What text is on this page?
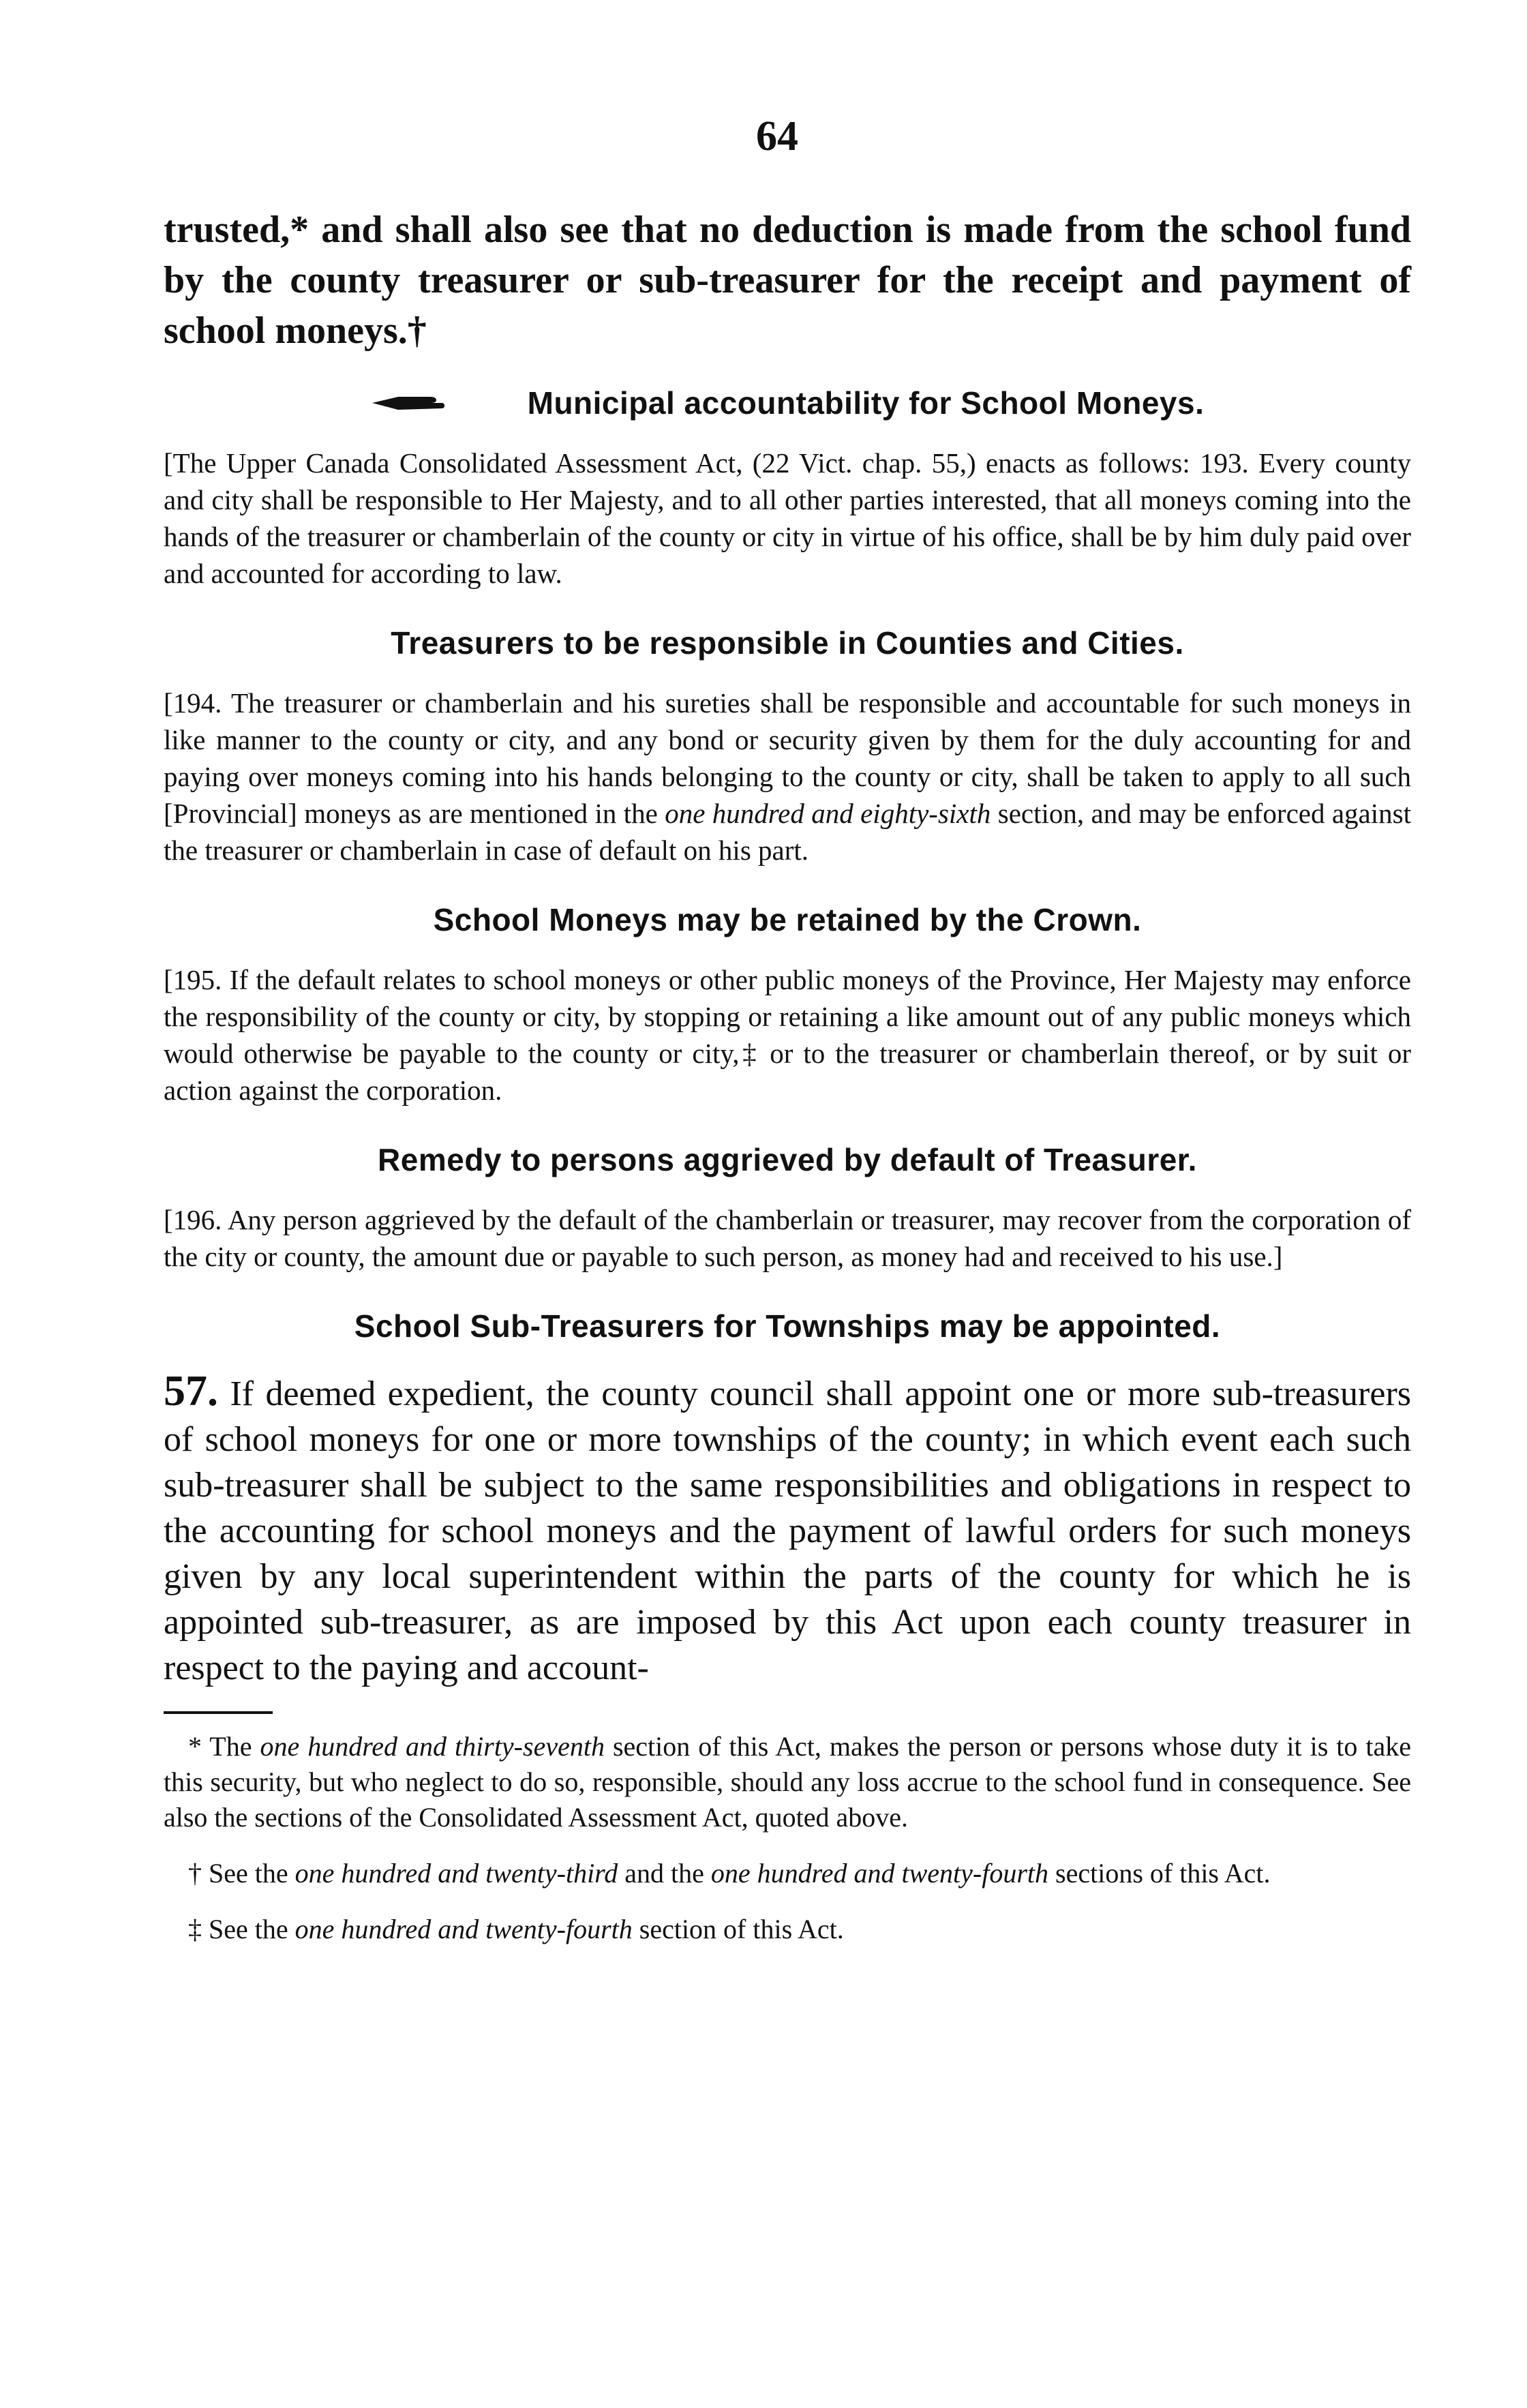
64

trusted,* and shall also see that no deduction is made from the school fund by the county treasurer or sub-treasurer for the receipt and payment of school moneys.†

Municipal accountability for School Moneys.

[The Upper Canada Consolidated Assessment Act, (22 Vict. chap. 55,) enacts as follows: 193. Every county and city shall be responsible to Her Majesty, and to all other parties interested, that all moneys coming into the hands of the treasurer or chamberlain of the county or city in virtue of his office, shall be by him duly paid over and accounted for according to law.

Treasurers to be responsible in Counties and Cities.

[194. The treasurer or chamberlain and his sureties shall be responsible and accountable for such moneys in like manner to the county or city, and any bond or security given by them for the duly accounting for and paying over moneys coming into his hands belonging to the county or city, shall be taken to apply to all such [Provincial] moneys as are mentioned in the one hundred and eighty-sixth section, and may be enforced against the treasurer or chamberlain in case of default on his part.

School Moneys may be retained by the Crown.

[195. If the default relates to school moneys or other public moneys of the Province, Her Majesty may enforce the responsibility of the county or city, by stopping or retaining a like amount out of any public moneys which would otherwise be payable to the county or city,‡ or to the treasurer or chamberlain thereof, or by suit or action against the corporation.

Remedy to persons aggrieved by default of Treasurer.

[196. Any person aggrieved by the default of the chamberlain or treasurer, may recover from the corporation of the city or county, the amount due or payable to such person, as money had and received to his use.]

School Sub-Treasurers for Townships may be appointed.

57. If deemed expedient, the county council shall appoint one or more sub-treasurers of school moneys for one or more townships of the county; in which event each such sub-treasurer shall be subject to the same responsibilities and obligations in respect to the accounting for school moneys and the payment of lawful orders for such moneys given by any local superintendent within the parts of the county for which he is appointed sub-treasurer, as are imposed by this Act upon each county treasurer in respect to the paying and account-

* The one hundred and thirty-seventh section of this Act, makes the person or persons whose duty it is to take this security, but who neglect to do so, responsible, should any loss accrue to the school fund in consequence. See also the sections of the Consolidated Assessment Act, quoted above.

† See the one hundred and twenty-third and the one hundred and twenty-fourth sections of this Act.

‡ See the one hundred and twenty-fourth section of this Act.
